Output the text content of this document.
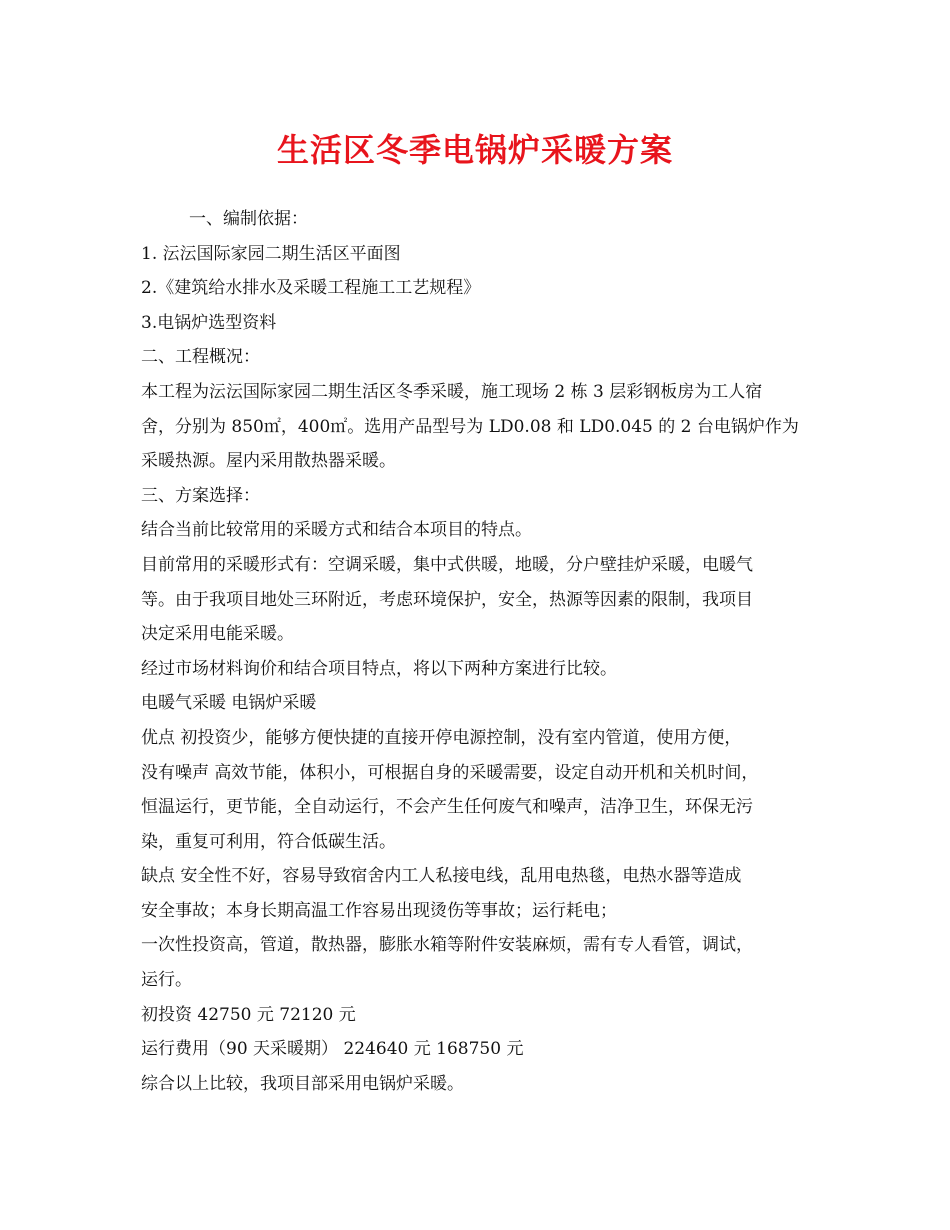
生活区冬季电锅炉采暖方案

一、编制依据：

1. 沄沄国际家园二期生活区平面图

2.《建筑给水排水及采暖工程施工工艺规程》

3.电锅炉选型资料

二、工程概况：

本工程为沄沄国际家园二期生活区冬季采暖，施工现场 2 栋 3 层彩钢板房为工人宿

舍，分别为 850㎡，400㎡。选用产品型号为 LD0.08 和 LD0.045 的 2 台电锅炉作为

采暖热源。屋内采用散热器采暖。

三、方案选择：

结合当前比较常用的采暖方式和结合本项目的特点。

目前常用的采暖形式有：空调采暖，集中式供暖，地暖，分户壁挂炉采暖，电暖气

等。由于我项目地处三环附近，考虑环境保护，安全，热源等因素的限制，我项目

决定采用电能采暖。

经过市场材料询价和结合项目特点，将以下两种方案进行比较。

电暖气采暖 电锅炉采暖

优点 初投资少，能够方便快捷的直接开停电源控制，没有室内管道，使用方便，

没有噪声 高效节能，体积小，可根据自身的采暖需要，设定自动开机和关机时间，

恒温运行，更节能，全自动运行，不会产生任何废气和噪声，洁净卫生，环保无污

染，重复可利用，符合低碳生活。

缺点 安全性不好，容易导致宿舍内工人私接电线，乱用电热毯，电热水器等造成

安全事故；本身长期高温工作容易出现烫伤等事故；运行耗电；

一次性投资高，管道，散热器，膨胀水箱等附件安装麻烦，需有专人看管，调试，

运行。

初投资 42750 元 72120 元

运行费用（90 天采暖期） 224640 元 168750 元

综合以上比较，我项目部采用电锅炉采暖。
